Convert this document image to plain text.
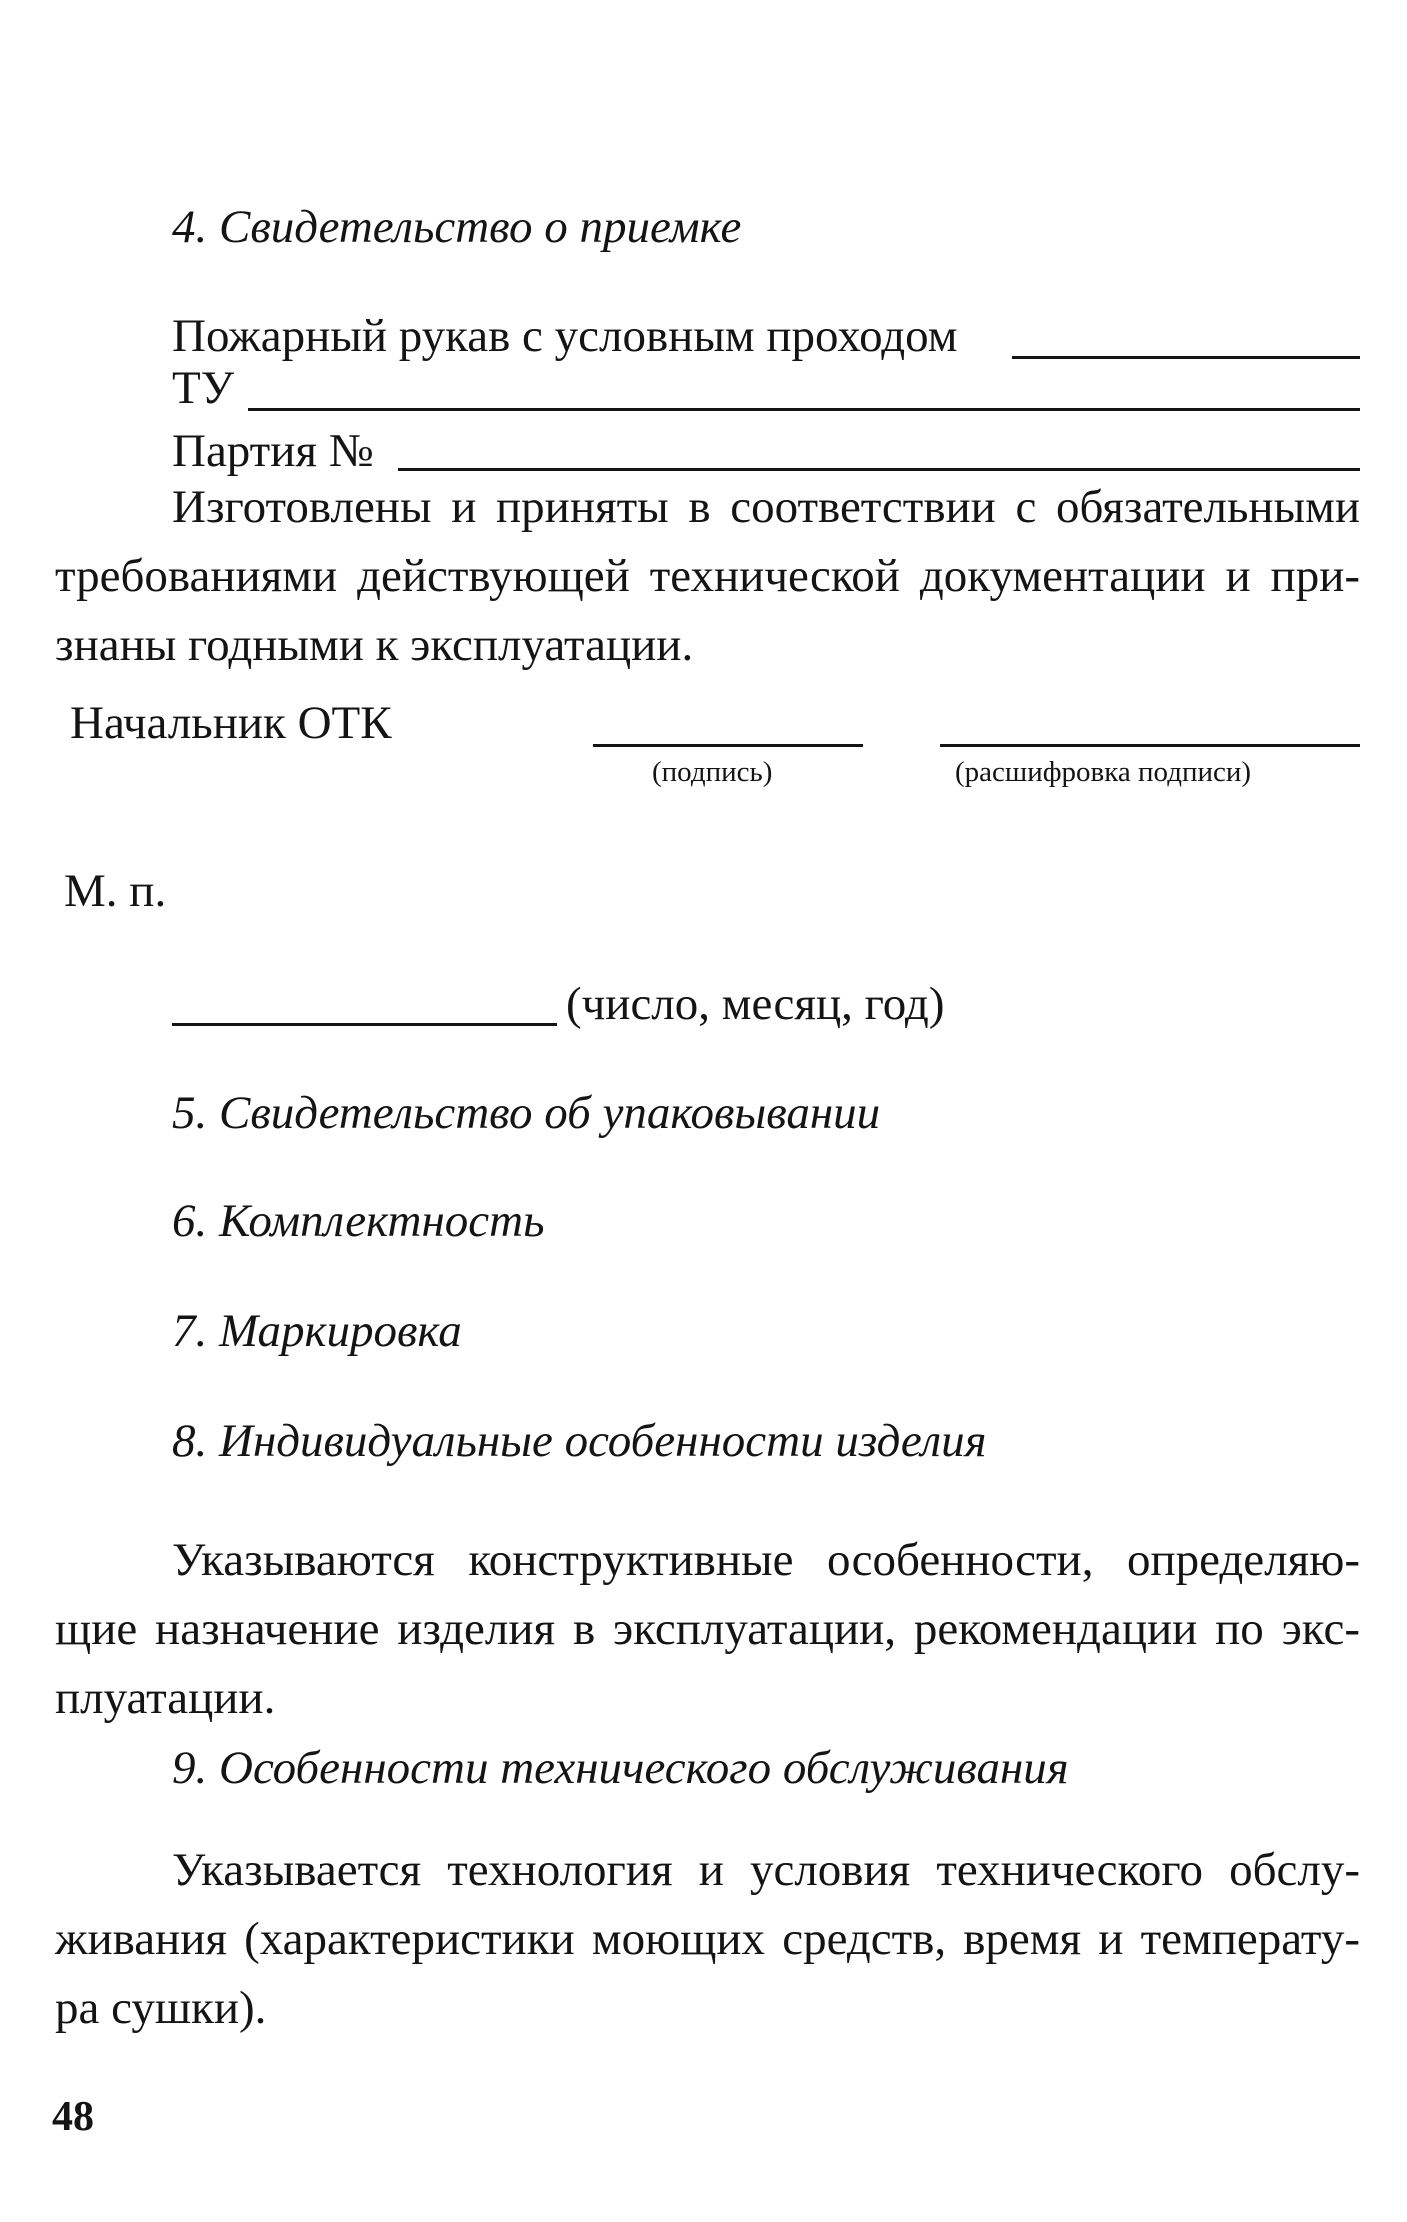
4. Свидетельство о приемке
Пожарный рукав с условным проходом
ТУ
Партия №
Изготовлены и приняты в соответствии с обязательными
требованиями действующей технической документации и при-
знаны годными к эксплуатации.
Начальник ОТК
(подпись)	(расшифровка подписи)
М. п.
(число, месяц, год)
5. Свидетельство об упаковывании
6. Комплектность
7. Маркировка
8. Индивидуальные особенности изделия
Указываются конструктивные особенности, определяю-
щие назначение изделия в эксплуатации, рекомендации по экс-
плуатации.
9. Особенности технического обслуживания
Указывается технология и условия технического обслу-
живания (характеристики моющих средств, время и температу-
ра сушки).
48
